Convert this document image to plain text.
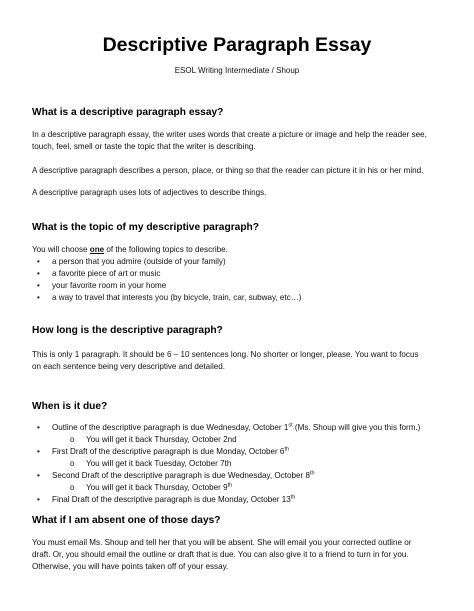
Descriptive Paragraph Essay
ESOL Writing Intermediate / Shoup
What is a descriptive paragraph essay?
In a descriptive paragraph essay, the writer uses words that create a picture or image and help the reader see,
touch, feel, smell or taste the topic that the writer is describing.
A descriptive paragraph describes a person, place, or thing so that the reader can picture it in his or her mind.
A descriptive paragraph uses lots of adjectives to describe things.
What is the topic of my descriptive paragraph?
You will choose one of the following topics to describe.
• a person that you admire (outside of your family)
• a favorite piece of art or music
• your favorite room in your home
• a way to travel that interests you (by bicycle, train, car, subway, etc…)
How long is the descriptive paragraph?
This is only 1 paragraph. It should be 6 – 10 sentences long. No shorter or longer, please. You want to focus
on each sentence being very descriptive and detailed.
When is it due?
• Outline of the descriptive paragraph is due Wednesday, October 1st (Ms. Shoup will give you this form.)
o You will get it back Thursday, October 2nd
• First Draft of the descriptive paragraph is due Monday, October 6th
o You will get it back Tuesday, October 7th
• Second Draft of the descriptive paragraph is due Wednesday, October 8th
o You will get it back Thursday, October 9th
• Final Draft of the descriptive paragraph is due Monday, October 13th
What if I am absent one of those days?
You must email Ms. Shoup and tell her that you will be absent. She will email you your corrected outline or
draft. Or, you should email the outline or draft that is due. You can also give it to a friend to turn in for you.
Otherwise, you will have points taken off of your essay.
